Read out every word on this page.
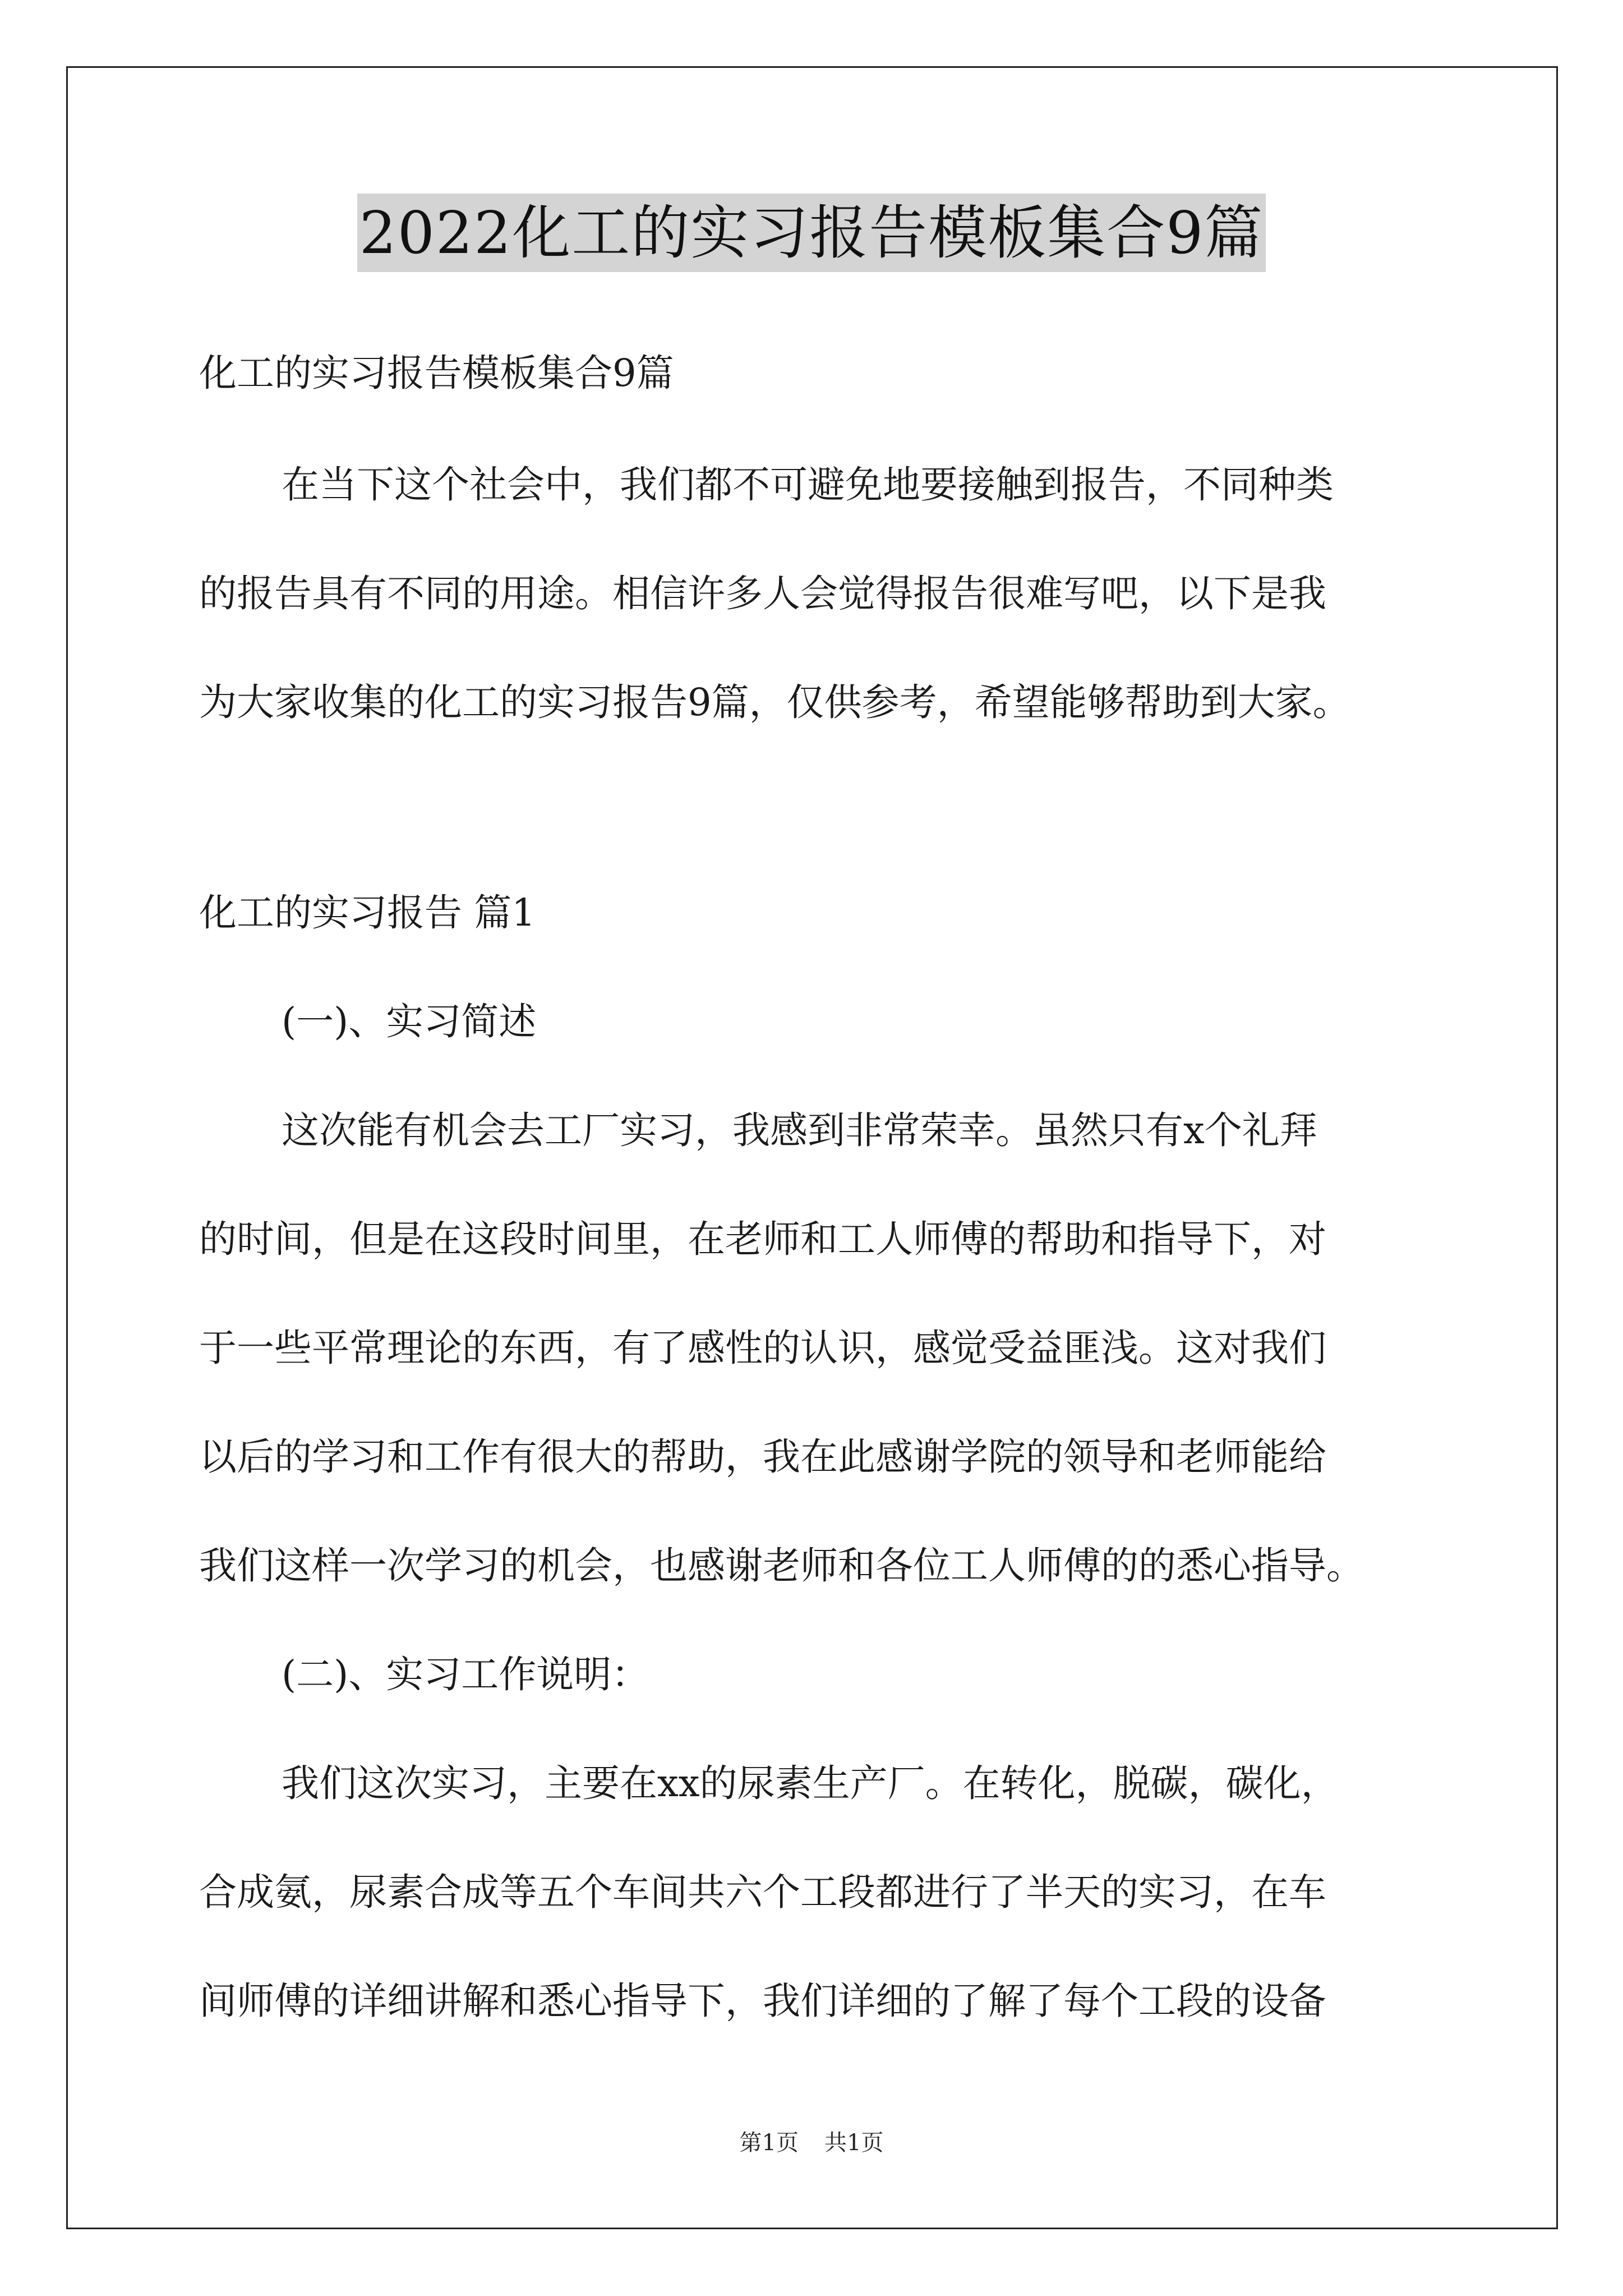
2022化工的实习报告模板集合9篇
化工的实习报告模板集合9篇
在当下这个社会中，我们都不可避免地要接触到报告，不同种类
的报告具有不同的用途。相信许多人会觉得报告很难写吧，以下是我
为大家收集的化工的实习报告9篇，仅供参考，希望能够帮助到大家。
化工的实习报告 篇1
(一)、实习简述
这次能有机会去工厂实习，我感到非常荣幸。虽然只有x个礼拜
的时间，但是在这段时间里，在老师和工人师傅的帮助和指导下，对
于一些平常理论的东西，有了感性的认识，感觉受益匪浅。这对我们
以后的学习和工作有很大的帮助，我在此感谢学院的领导和老师能给
我们这样一次学习的机会，也感谢老师和各位工人师傅的的悉心指导。
(二)、实习工作说明：
我们这次实习，主要在xx的尿素生产厂。在转化，脱碳，碳化，
合成氨，尿素合成等五个车间共六个工段都进行了半天的实习，在车
间师傅的详细讲解和悉心指导下，我们详细的了解了每个工段的设备
第1页 共1页
